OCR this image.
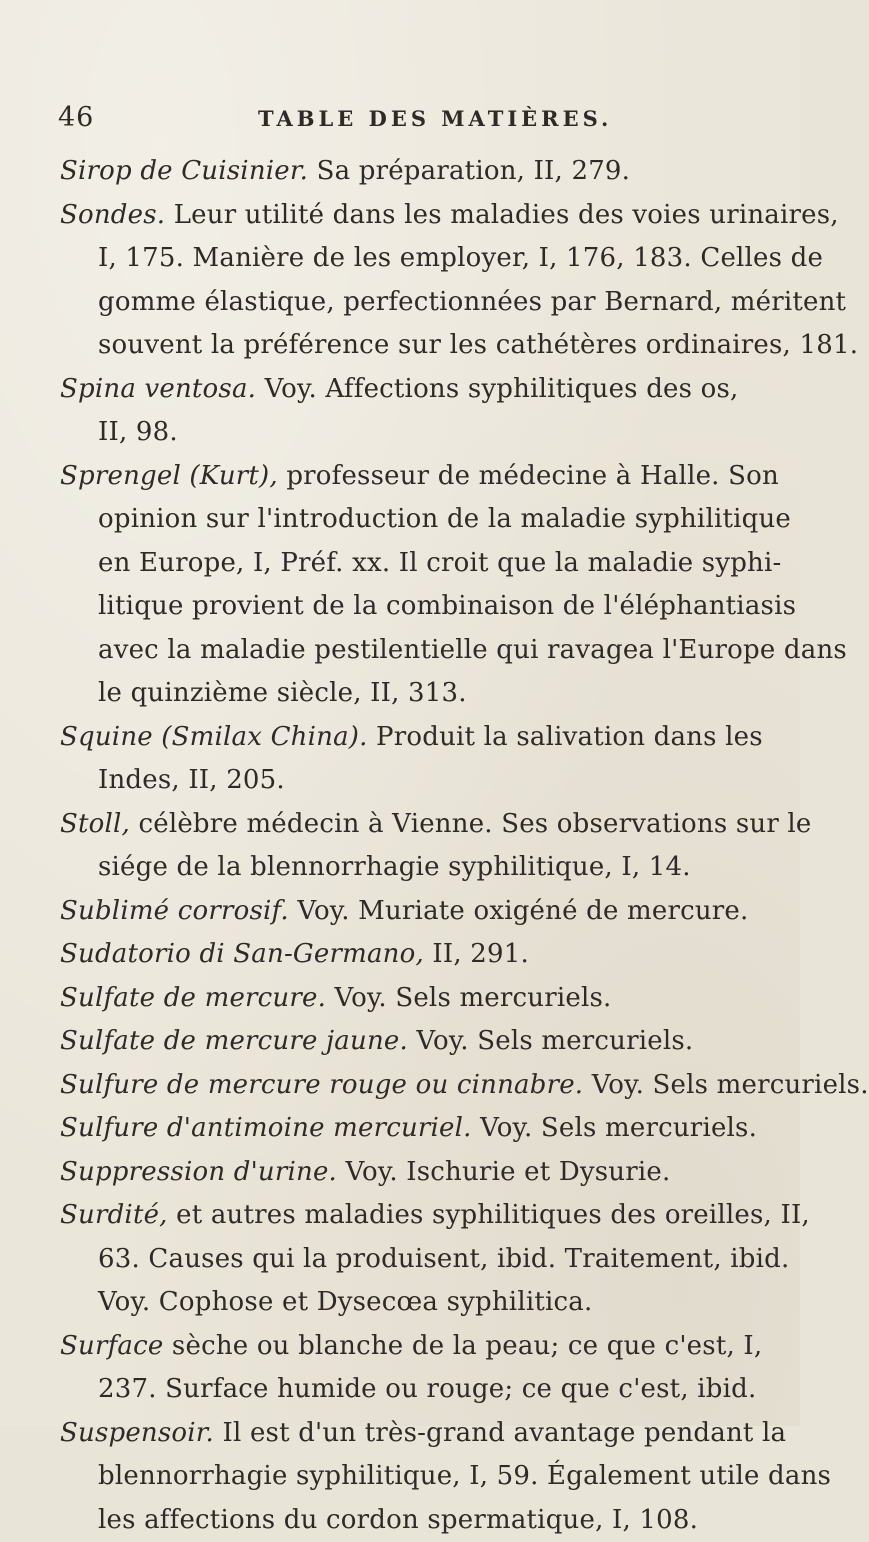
46	TABLE DES MATIÈRES.
Sirop de Cuisinier. Sa préparation, II, 279.
Sondes. Leur utilité dans les maladies des voies urinaires,
I, 175. Manière de les employer, I, 176, 183. Celles de
gomme élastique, perfectionnées par Bernard, méritent
souvent la préférence sur les cathétères ordinaires, 181.
Spina ventosa. Voy. Affections syphilitiques des os,
II, 98.
Sprengel (Kurt), professeur de médecine à Halle. Son
opinion sur l'introduction de la maladie syphilitique
en Europe, I, Préf. xx. Il croit que la maladie syphi-
litique provient de la combinaison de l'éléphantiasis
avec la maladie pestilentielle qui ravagea l'Europe dans
le quinzième siècle, II, 313.
Squine (Smilax China). Produit la salivation dans les
Indes, II, 205.
Stoll, célèbre médecin à Vienne. Ses observations sur le
siége de la blennorrhagie syphilitique, I, 14.
Sublimé corrosif. Voy. Muriate oxigéné de mercure.
Sudatorio di San-Germano, II, 291.
Sulfate de mercure. Voy. Sels mercuriels.
Sulfate de mercure jaune. Voy. Sels mercuriels.
Sulfure de mercure rouge ou cinnabre. Voy. Sels mercuriels.
Sulfure d'antimoine mercuriel. Voy. Sels mercuriels.
Suppression d'urine. Voy. Ischurie et Dysurie.
Surdité, et autres maladies syphilitiques des oreilles, II,
63. Causes qui la produisent, ibid. Traitement, ibid.
Voy. Cophose et Dysecœa syphilitica.
Surface sèche ou blanche de la peau; ce que c'est, I,
237. Surface humide ou rouge; ce que c'est, ibid.
Suspensoir. Il est d'un très-grand avantage pendant la
blennorrhagie syphilitique, I, 59. Également utile dans
les affections du cordon spermatique, I, 108.
